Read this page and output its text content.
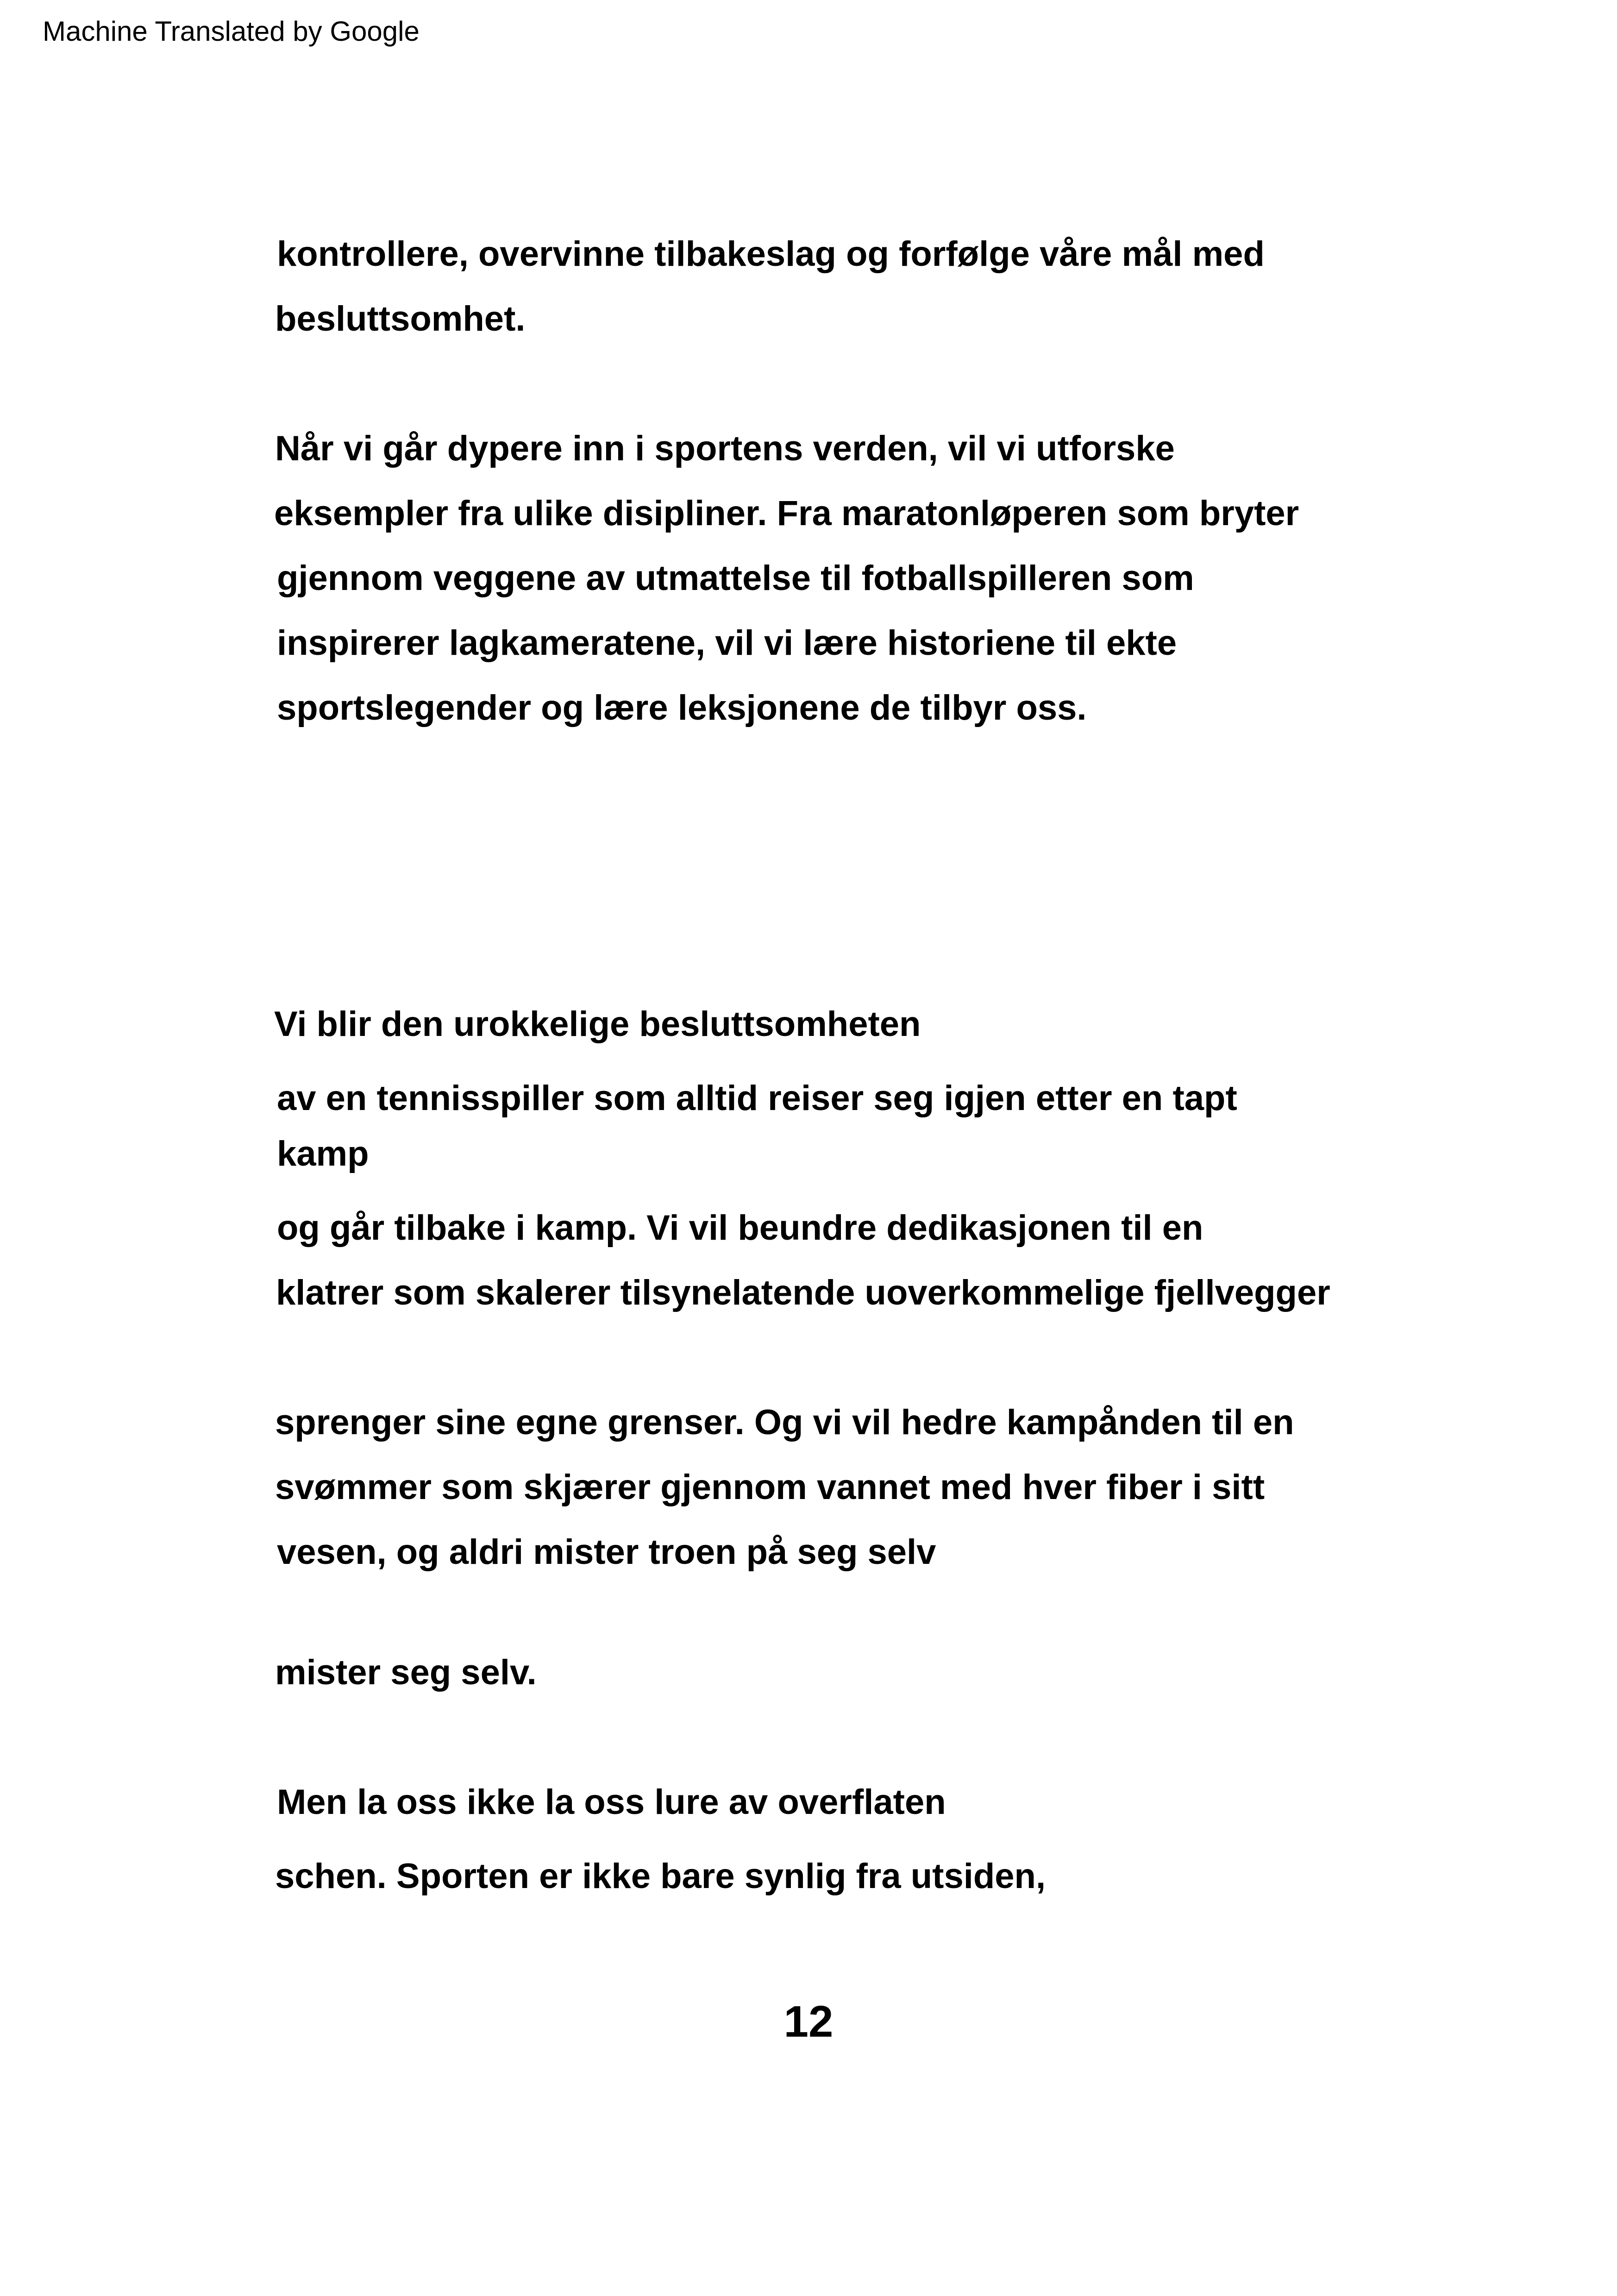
Machine Translated by Google
kontrollere, overvinne tilbakeslag og forfølge våre mål med
besluttsomhet.
Når vi går dypere inn i sportens verden, vil vi utforske
eksempler fra ulike disipliner. Fra maratonløperen som bryter
gjennom veggene av utmattelse til fotballspilleren som
inspirerer lagkameratene, vil vi lære historiene til ekte
sportslegender og lære leksjonene de tilbyr oss.
Vi blir den urokkelige besluttsomheten
av en tennisspiller som alltid reiser seg igjen etter en tapt
kamp
og går tilbake i kamp. Vi vil beundre dedikasjonen til en
klatrer som skalerer tilsynelatende uoverkommelige fjellvegger
sprenger sine egne grenser. Og vi vil hedre kampånden til en
svømmer som skjærer gjennom vannet med hver fiber i sitt
vesen, og aldri mister troen på seg selv
mister seg selv.
Men la oss ikke la oss lure av overflaten
schen. Sporten er ikke bare synlig fra utsiden,
12
